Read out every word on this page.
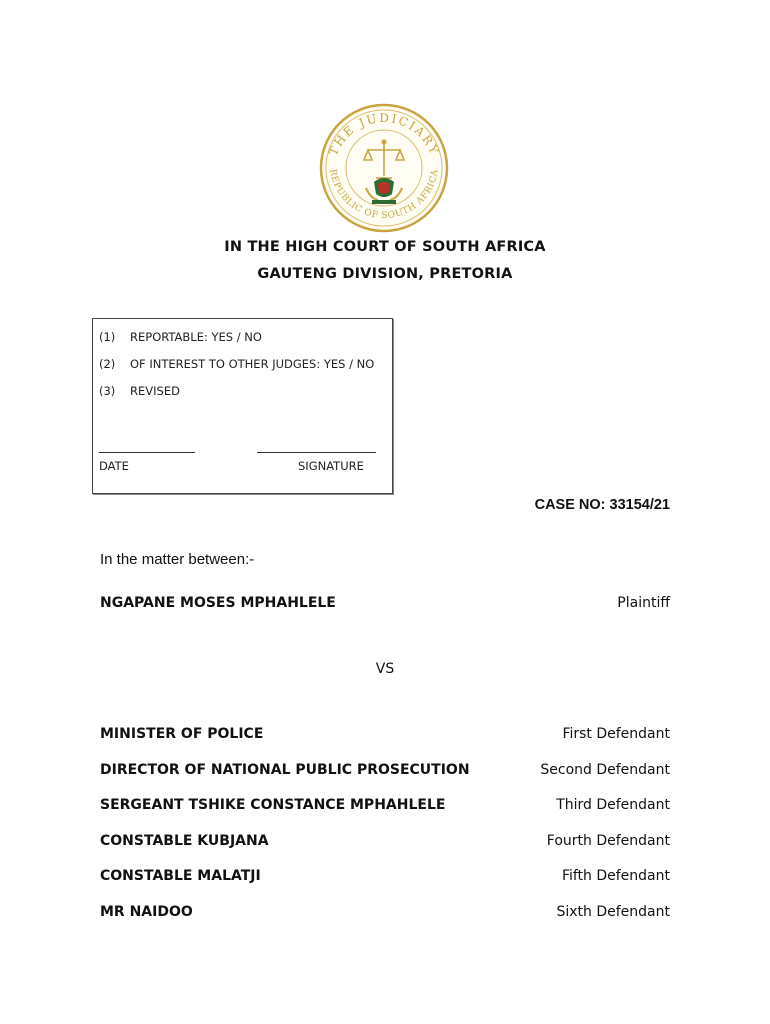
THE JUDICIARY
REPUBLIC OF SOUTH AFRICA
IN THE HIGH COURT OF SOUTH AFRICA
GAUTENG DIVISION, PRETORIA
(1) REPORTABLE: YES / NO
(2) OF INTEREST TO OTHER JUDGES: YES / NO
(3) REVISED
DATE	SIGNATURE
CASE NO: 33154/21
In the matter between:-
NGAPANE MOSES MPHAHLELE	Plaintiff
VS
MINISTER OF POLICE	First Defendant
DIRECTOR OF NATIONAL PUBLIC PROSECUTION	Second Defendant
SERGEANT TSHIKE CONSTANCE MPHAHLELE	Third Defendant
CONSTABLE KUBJANA	Fourth Defendant
CONSTABLE MALATJI	Fifth Defendant
MR NAIDOO	Sixth Defendant
